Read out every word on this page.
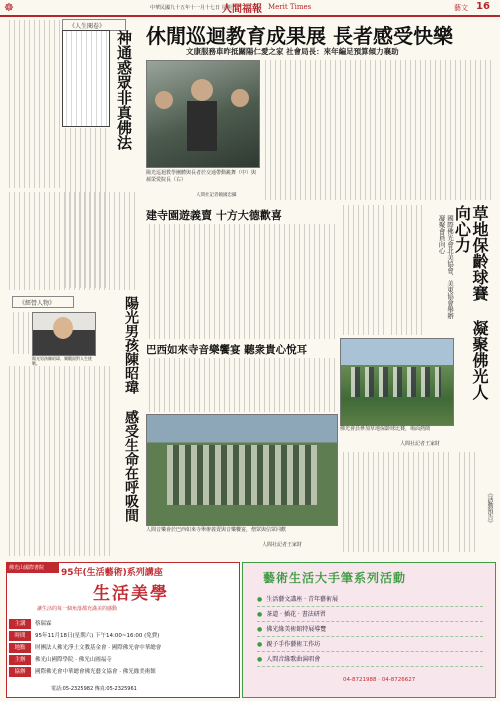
☸	中華民國九十五年十一月十七日 星期五
人間福報 Merit Times	藝文 16
《人生閱卷》
神通惑眾非真佛法
《經營人物》
陽光男孩陳昭瑋，樂觀面對人生挑戰。	陽光男孩陳昭瑋 感受生命在呼吸間
休閒巡迴教育成果展 長者感受快樂
文康服務車昨抵關陽仁愛之家 社會局長：來年編足預算傾力襄助
陽光巡迴教學團體與長者於交通帶動跳舞（中）與郝榮愛院長（右）
人間社記者賴國忠攝
建寺園遊義賣 十方大德歡喜
巴西如來寺音樂饗宴 聽衆貴心悅耳
人間音樂會於巴西如來寺舉辦義賣與音樂饗宴，僧眾與信眾同歡
人間社記者王家財
草地保齡球賽 凝聚佛光人向心力
國際佛光會北美協會、美東協會舉辦 凝聚會員向心
佛光會員參加草地保齡球比賽，場面熱鬧
人間社記者王家財
《活動預告》
佛光山國際書院	95年(生活藝術)系列講座
生活美學
讓生活的每一個角落都充滿美的感動
主講 蔡瑞霖
時間 95年11月18日(星期六) 下午14:00~16:00 (免費)
地點 財團法人佛光淨土文教基金會 · 國際佛光會中華總會
主辦 佛光山國際學院 · 佛光山圓福寺
協辦 國際佛光會中華總會佛光藝文協會 · 佛光緣美術館
電話:05-2325982 傳真:05-2325961
藝術生活大手筆系列活動
● 生活藝文講座 ‧ 青年藝術展
● 茶道 ‧ 插花 ‧ 書法研習
● 佛光緣美術館特展導覽
● 親子手作藝術工作坊
● 人間音緣歌曲演唱會
04-8721988 · 04-8726627
